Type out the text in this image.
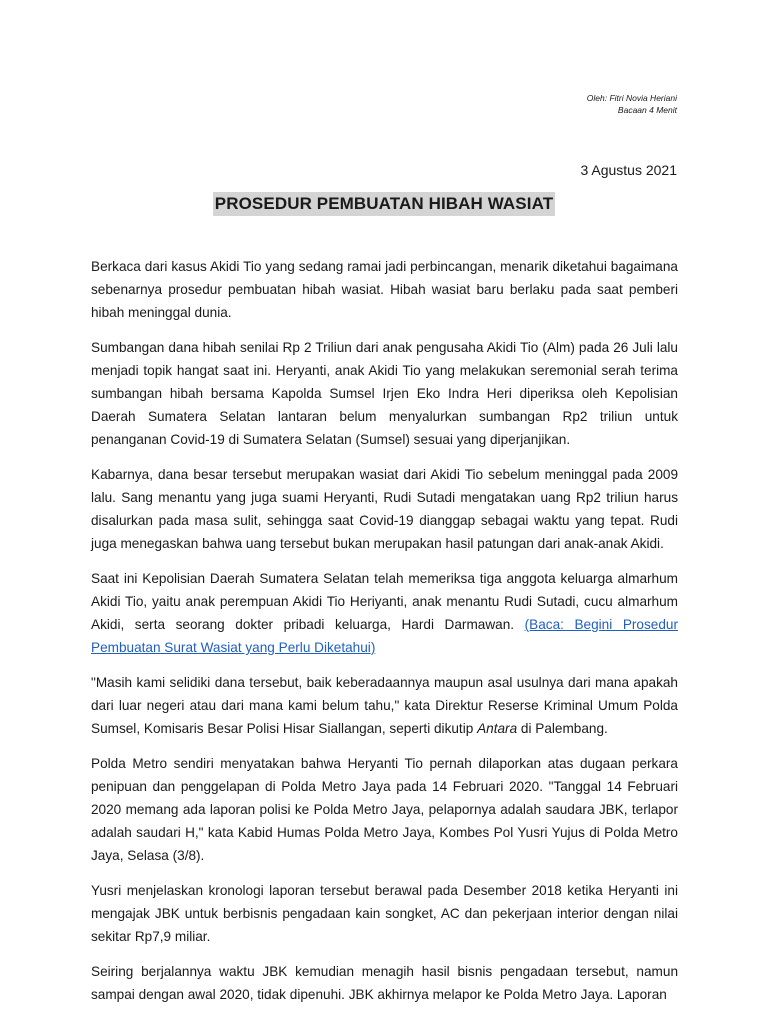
Oleh: Fitri Novia Heriani
Bacaan 4 Menit
3 Agustus 2021
PROSEDUR PEMBUATAN HIBAH WASIAT

Berkaca dari kasus Akidi Tio yang sedang ramai jadi perbincangan, menarik diketahui bagaimana sebenarnya prosedur pembuatan hibah wasiat. Hibah wasiat baru berlaku pada saat pemberi hibah meninggal dunia.

Sumbangan dana hibah senilai Rp 2 Triliun dari anak pengusaha Akidi Tio (Alm) pada 26 Juli lalu menjadi topik hangat saat ini. Heryanti, anak Akidi Tio yang melakukan seremonial serah terima sumbangan hibah bersama Kapolda Sumsel Irjen Eko Indra Heri diperiksa oleh Kepolisian Daerah Sumatera Selatan lantaran belum menyalurkan sumbangan Rp2 triliun untuk penanganan Covid-19 di Sumatera Selatan (Sumsel) sesuai yang diperjanjikan.

Kabarnya, dana besar tersebut merupakan wasiat dari Akidi Tio sebelum meninggal pada 2009 lalu. Sang menantu yang juga suami Heryanti, Rudi Sutadi mengatakan uang Rp2 triliun harus disalurkan pada masa sulit, sehingga saat Covid-19 dianggap sebagai waktu yang tepat. Rudi juga menegaskan bahwa uang tersebut bukan merupakan hasil patungan dari anak-anak Akidi.

Saat ini Kepolisian Daerah Sumatera Selatan telah memeriksa tiga anggota keluarga almarhum Akidi Tio, yaitu anak perempuan Akidi Tio Heriyanti, anak menantu Rudi Sutadi, cucu almarhum Akidi, serta seorang dokter pribadi keluarga, Hardi Darmawan. (Baca: Begini Prosedur Pembuatan Surat Wasiat yang Perlu Diketahui)

"Masih kami selidiki dana tersebut, baik keberadaannya maupun asal usulnya dari mana apakah dari luar negeri atau dari mana kami belum tahu," kata Direktur Reserse Kriminal Umum Polda Sumsel, Komisaris Besar Polisi Hisar Siallangan, seperti dikutip Antara di Palembang.

Polda Metro sendiri menyatakan bahwa Heryanti Tio pernah dilaporkan atas dugaan perkara penipuan dan penggelapan di Polda Metro Jaya pada 14 Februari 2020. "Tanggal 14 Februari 2020 memang ada laporan polisi ke Polda Metro Jaya, pelapornya adalah saudara JBK, terlapor adalah saudari H," kata Kabid Humas Polda Metro Jaya, Kombes Pol Yusri Yujus di Polda Metro Jaya, Selasa (3/8).

Yusri menjelaskan kronologi laporan tersebut berawal pada Desember 2018 ketika Heryanti ini mengajak JBK untuk berbisnis pengadaan kain songket, AC dan pekerjaan interior dengan nilai sekitar Rp7,9 miliar.

Seiring berjalannya waktu JBK kemudian menagih hasil bisnis pengadaan tersebut, namun sampai dengan awal 2020, tidak dipenuhi. JBK akhirnya melapor ke Polda Metro Jaya. Laporan
